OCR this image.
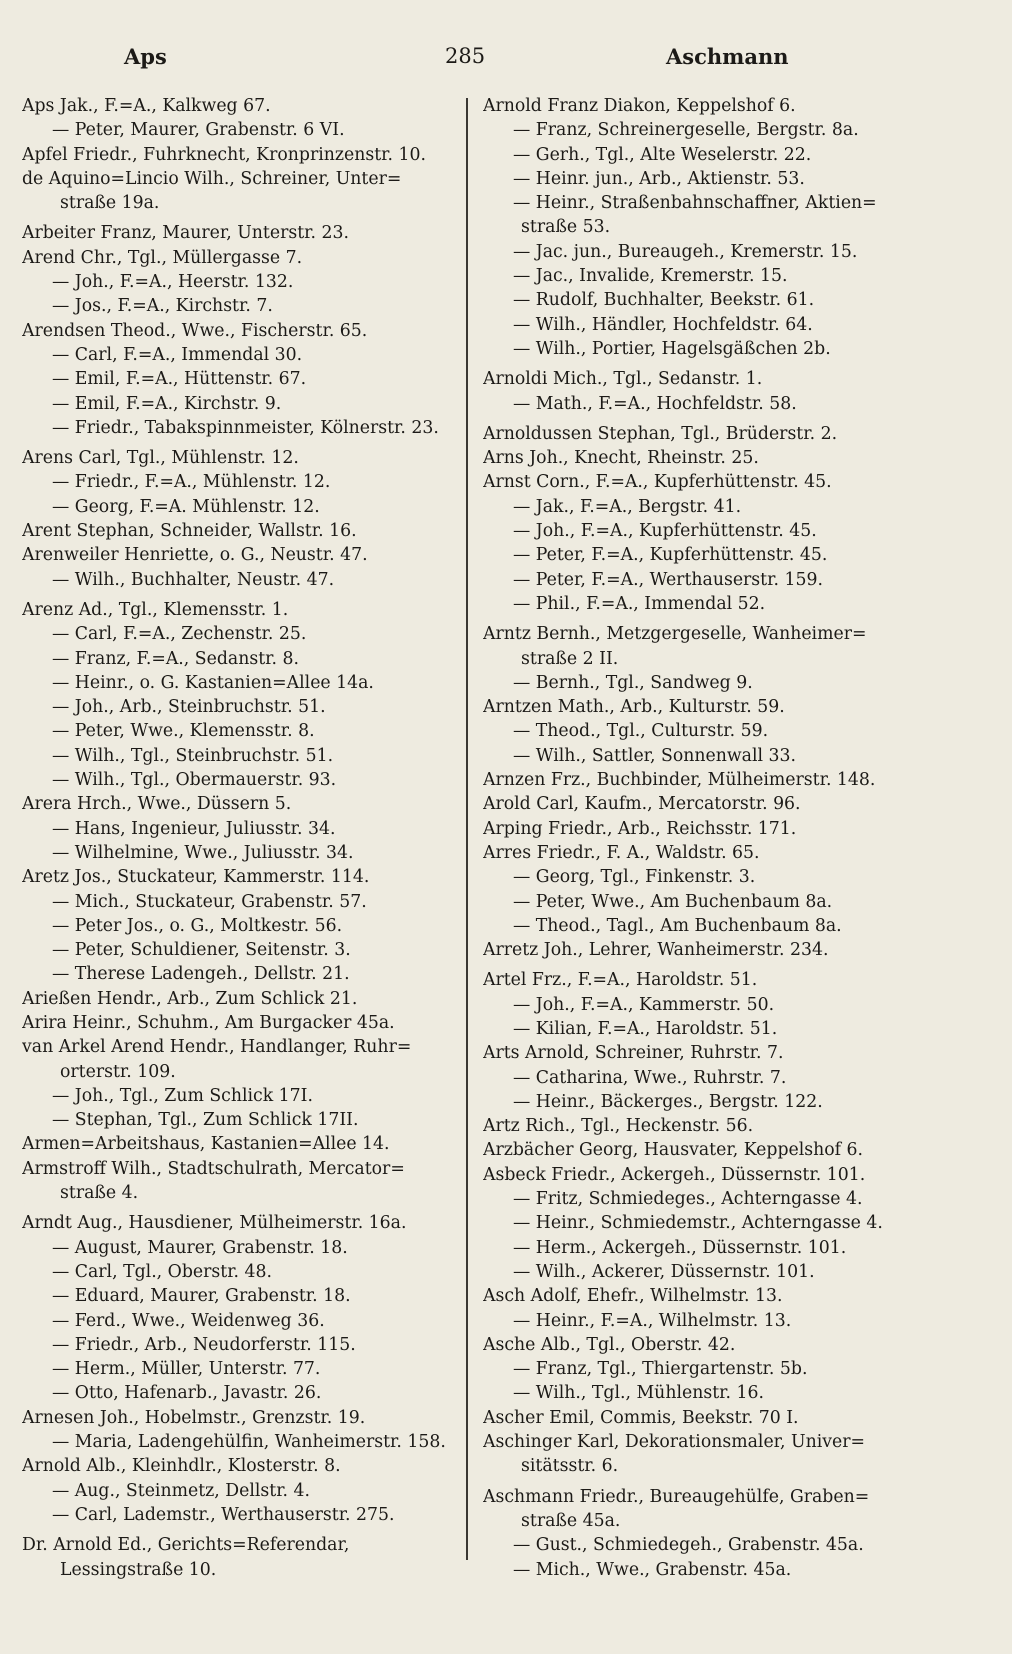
Aps	285	Aschmann
Aps Jak., F.=A., Kalkweg 67.
— Peter, Maurer, Grabenstr. 6 VI.
Apfel Friedr., Fuhrknecht, Kronprinzenstr. 10.
de Aquino=Lincio Wilh., Schreiner, Unter=
straße 19a.
Arbeiter Franz, Maurer, Unterstr. 23.
Arend Chr., Tgl., Müllergasse 7.
— Joh., F.=A., Heerstr. 132.
— Jos., F.=A., Kirchstr. 7.
Arendsen Theod., Wwe., Fischerstr. 65.
— Carl, F.=A., Immendal 30.
— Emil, F.=A., Hüttenstr. 67.
— Emil, F.=A., Kirchstr. 9.
— Friedr., Tabakspinnmeister, Kölnerstr. 23.
Arens Carl, Tgl., Mühlenstr. 12.
— Friedr., F.=A., Mühlenstr. 12.
— Georg, F.=A. Mühlenstr. 12.
Arent Stephan, Schneider, Wallstr. 16.
Arenweiler Henriette, o. G., Neustr. 47.
— Wilh., Buchhalter, Neustr. 47.
Arenz Ad., Tgl., Klemensstr. 1.
— Carl, F.=A., Zechenstr. 25.
— Franz, F.=A., Sedanstr. 8.
— Heinr., o. G. Kastanien=Allee 14a.
— Joh., Arb., Steinbruchstr. 51.
— Peter, Wwe., Klemensstr. 8.
— Wilh., Tgl., Steinbruchstr. 51.
— Wilh., Tgl., Obermauerstr. 93.
Arera Hrch., Wwe., Düssern 5.
— Hans, Ingenieur, Juliusstr. 34.
— Wilhelmine, Wwe., Juliusstr. 34.
Aretz Jos., Stuckateur, Kammerstr. 114.
— Mich., Stuckateur, Grabenstr. 57.
— Peter Jos., o. G., Moltkestr. 56.
— Peter, Schuldiener, Seitenstr. 3.
— Therese Ladengeh., Dellstr. 21.
Arießen Hendr., Arb., Zum Schlick 21.
Arira Heinr., Schuhm., Am Burgacker 45a.
van Arkel Arend Hendr., Handlanger, Ruhr=
orterstr. 109.
— Joh., Tgl., Zum Schlick 17I.
— Stephan, Tgl., Zum Schlick 17II.
Armen=Arbeitshaus, Kastanien=Allee 14.
Armstroff Wilh., Stadtschulrath, Mercator=
straße 4.
Arndt Aug., Hausdiener, Mülheimerstr. 16a.
— August, Maurer, Grabenstr. 18.
— Carl, Tgl., Oberstr. 48.
— Eduard, Maurer, Grabenstr. 18.
— Ferd., Wwe., Weidenweg 36.
— Friedr., Arb., Neudorferstr. 115.
— Herm., Müller, Unterstr. 77.
— Otto, Hafenarb., Javastr. 26.
Arnesen Joh., Hobelmstr., Grenzstr. 19.
— Maria, Ladengehülfin, Wanheimerstr. 158.
Arnold Alb., Kleinhdlr., Klosterstr. 8.
— Aug., Steinmetz, Dellstr. 4.
— Carl, Lademstr., Werthauserstr. 275.
Dr. Arnold Ed., Gerichts=Referendar,
Lessingstraße 10.
Arnold Franz Diakon, Keppelshof 6.
— Franz, Schreinergeselle, Bergstr. 8a.
— Gerh., Tgl., Alte Weselerstr. 22.
— Heinr. jun., Arb., Aktienstr. 53.
— Heinr., Straßenbahnschaffner, Aktien=
straße 53.
— Jac. jun., Bureaugeh., Kremerstr. 15.
— Jac., Invalide, Kremerstr. 15.
— Rudolf, Buchhalter, Beekstr. 61.
— Wilh., Händler, Hochfeldstr. 64.
— Wilh., Portier, Hagelsgäßchen 2b.
Arnoldi Mich., Tgl., Sedanstr. 1.
— Math., F.=A., Hochfeldstr. 58.
Arnoldussen Stephan, Tgl., Brüderstr. 2.
Arns Joh., Knecht, Rheinstr. 25.
Arnst Corn., F.=A., Kupferhüttenstr. 45.
— Jak., F.=A., Bergstr. 41.
— Joh., F.=A., Kupferhüttenstr. 45.
— Peter, F.=A., Kupferhüttenstr. 45.
— Peter, F.=A., Werthauserstr. 159.
— Phil., F.=A., Immendal 52.
Arntz Bernh., Metzgergeselle, Wanheimer=
straße 2 II.
— Bernh., Tgl., Sandweg 9.
Arntzen Math., Arb., Kulturstr. 59.
— Theod., Tgl., Culturstr. 59.
— Wilh., Sattler, Sonnenwall 33.
Arnzen Frz., Buchbinder, Mülheimerstr. 148.
Arold Carl, Kaufm., Mercatorstr. 96.
Arping Friedr., Arb., Reichsstr. 171.
Arres Friedr., F. A., Waldstr. 65.
— Georg, Tgl., Finkenstr. 3.
— Peter, Wwe., Am Buchenbaum 8a.
— Theod., Tagl., Am Buchenbaum 8a.
Arretz Joh., Lehrer, Wanheimerstr. 234.
Artel Frz., F.=A., Haroldstr. 51.
— Joh., F.=A., Kammerstr. 50.
— Kilian, F.=A., Haroldstr. 51.
Arts Arnold, Schreiner, Ruhrstr. 7.
— Catharina, Wwe., Ruhrstr. 7.
— Heinr., Bäckerges., Bergstr. 122.
Artz Rich., Tgl., Heckenstr. 56.
Arzbächer Georg, Hausvater, Keppelshof 6.
Asbeck Friedr., Ackergeh., Düssernstr. 101.
— Fritz, Schmiedeges., Achterngasse 4.
— Heinr., Schmiedemstr., Achterngasse 4.
— Herm., Ackergeh., Düssernstr. 101.
— Wilh., Ackerer, Düssernstr. 101.
Asch Adolf, Ehefr., Wilhelmstr. 13.
— Heinr., F.=A., Wilhelmstr. 13.
Asche Alb., Tgl., Oberstr. 42.
— Franz, Tgl., Thiergartenstr. 5b.
— Wilh., Tgl., Mühlenstr. 16.
Ascher Emil, Commis, Beekstr. 70 I.
Aschinger Karl, Dekorationsmaler, Univer=
sitätsstr. 6.
Aschmann Friedr., Bureaugehülfe, Graben=
straße 45a.
— Gust., Schmiedegeh., Grabenstr. 45a.
— Mich., Wwe., Grabenstr. 45a.
